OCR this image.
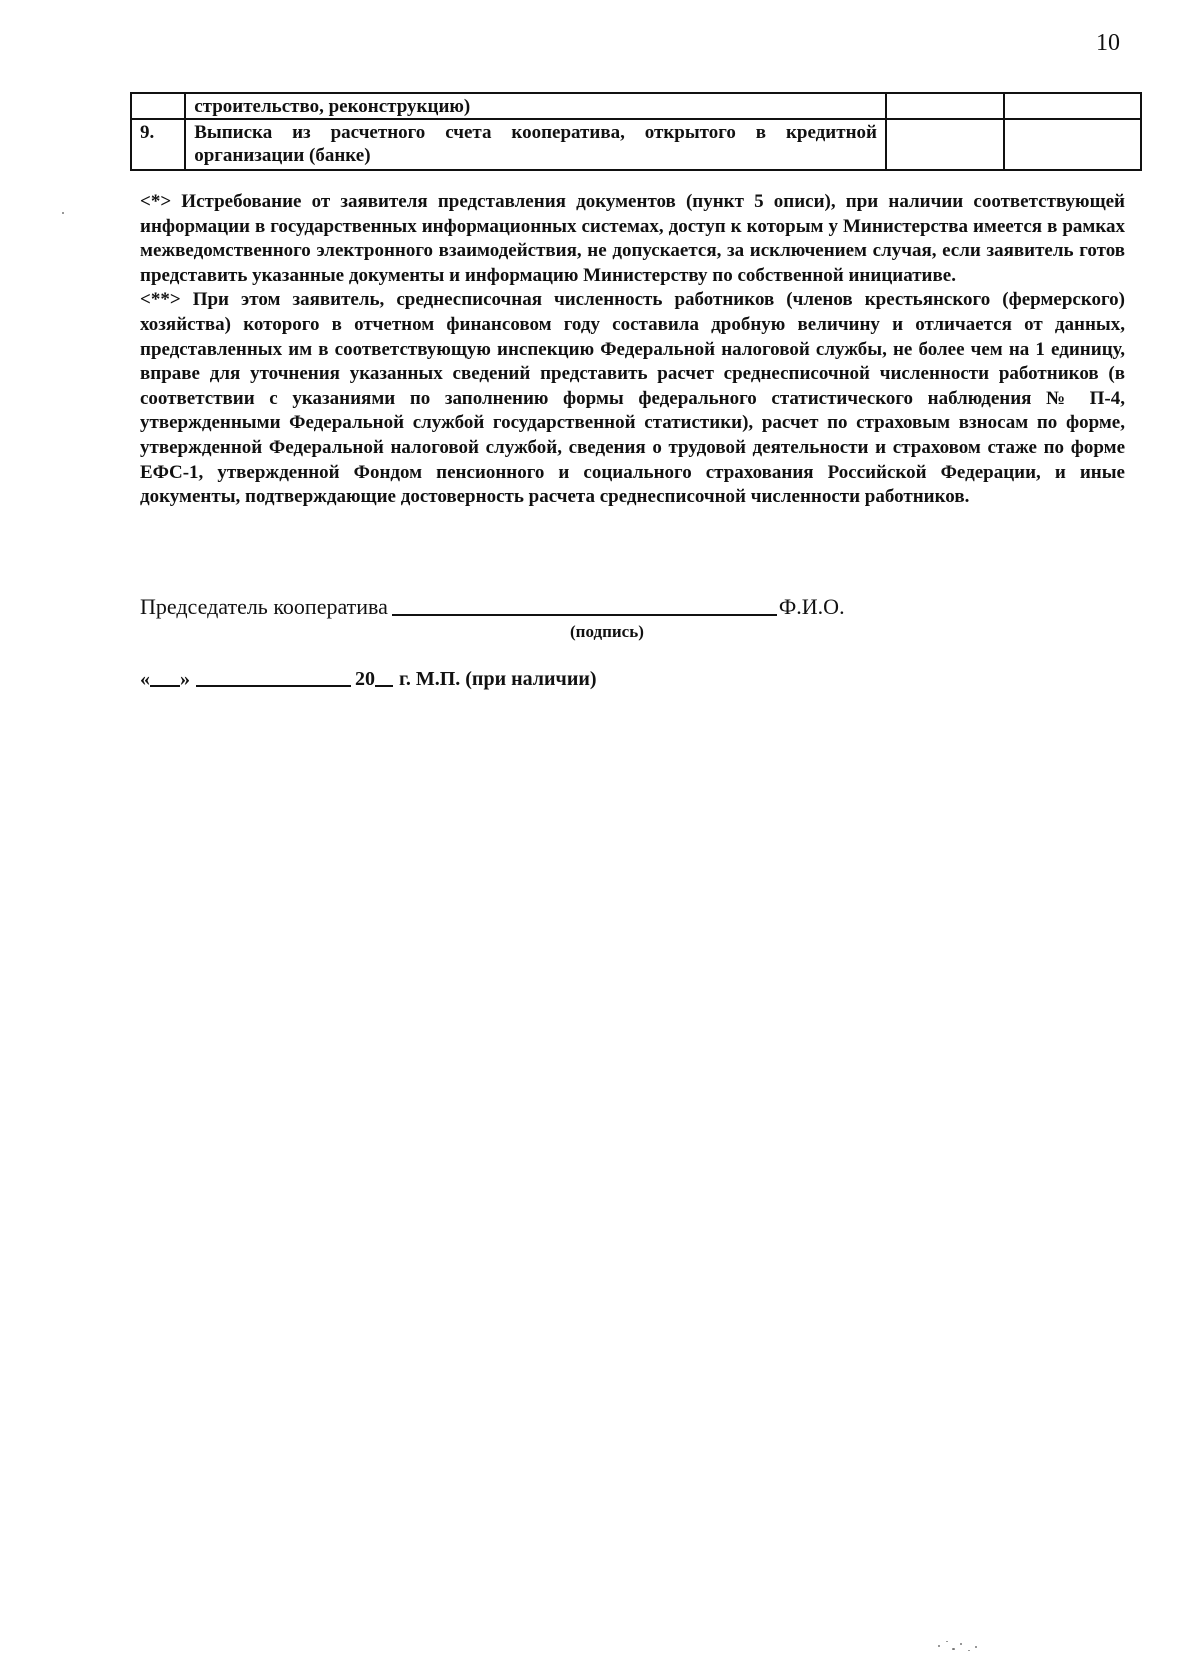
10
	строительство, реконструкцию)		
9.	Выписка из расчетного счета кооператива, открытого в кредитной организации (банке)		

<*> Истребование от заявителя представления документов (пункт 5 описи), при наличии соответствующей информации в государственных информационных системах, доступ к которым у Министерства имеется в рамках межведомственного электронного взаимодействия, не допускается, за исключением случая, если заявитель готов представить указанные документы и информацию Министерству по собственной инициативе.

<**> При этом заявитель, среднесписочная численность работников (членов крестьянского (фермерского) хозяйства) которого в отчетном финансовом году составила дробную величину и отличается от данных, представленных им в соответствующую инспекцию Федеральной налоговой службы, не более чем на 1 единицу, вправе для уточнения указанных сведений представить расчет среднесписочной численности работников (в соответствии с указаниями по заполнению формы федерального статистического наблюдения № П-4, утвержденными Федеральной службой государственной статистики), расчет по страховым взносам по форме, утвержденной Федеральной налоговой службой, сведения о трудовой деятельности и страховом стаже по форме ЕФС-1, утвержденной Фондом пенсионного и социального страхования Российской Федерации, и иные документы, подтверждающие достоверность расчета среднесписочной численности работников.

Председатель кооператива	Ф.И.О.
(подпись)
« »	20 г. М.П. (при наличии)
